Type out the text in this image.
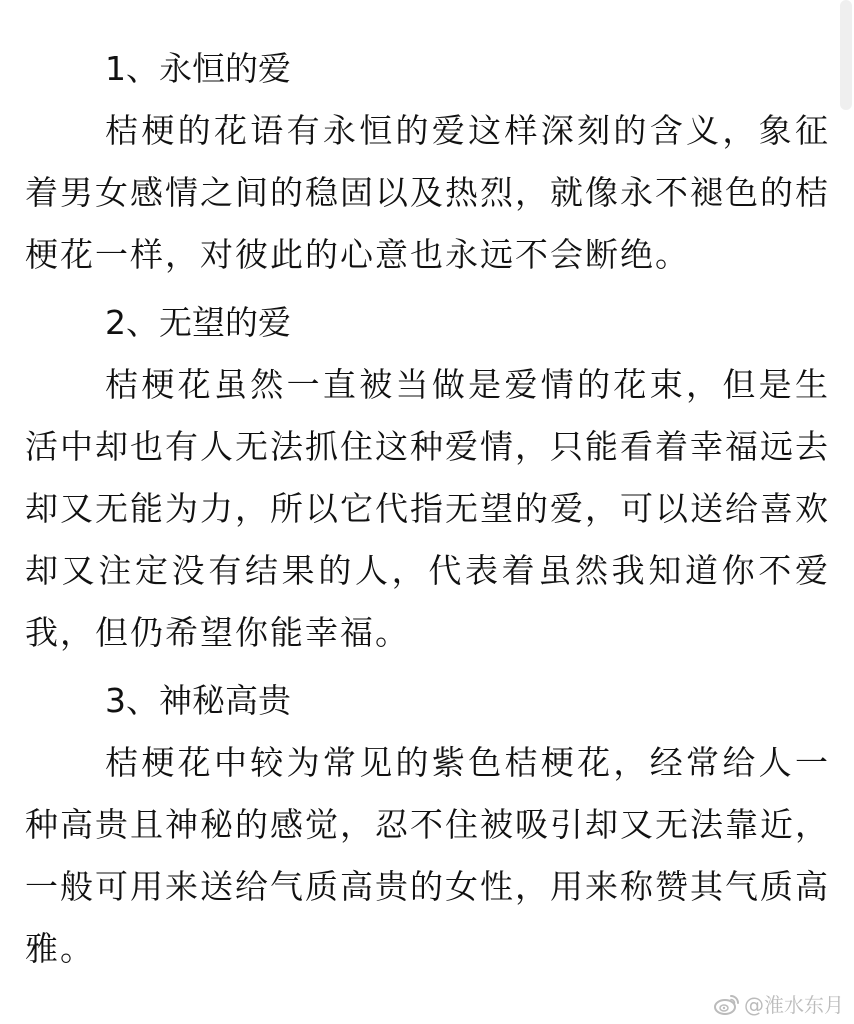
1、永恒的爱

桔梗的花语有永恒的爱这样深刻的含义，象征着男女感情之间的稳固以及热烈，就像永不褪色的桔梗花一样，对彼此的心意也永远不会断绝。

2、无望的爱

桔梗花虽然一直被当做是爱情的花束，但是生活中却也有人无法抓住这种爱情，只能看着幸福远去却又无能为力，所以它代指无望的爱，可以送给喜欢却又注定没有结果的人，代表着虽然我知道你不爱我，但仍希望你能幸福。

3、神秘高贵

桔梗花中较为常见的紫色桔梗花，经常给人一种高贵且神秘的感觉，忍不住被吸引却又无法靠近，一般可用来送给气质高贵的女性，用来称赞其气质高雅。

@淮水东月
